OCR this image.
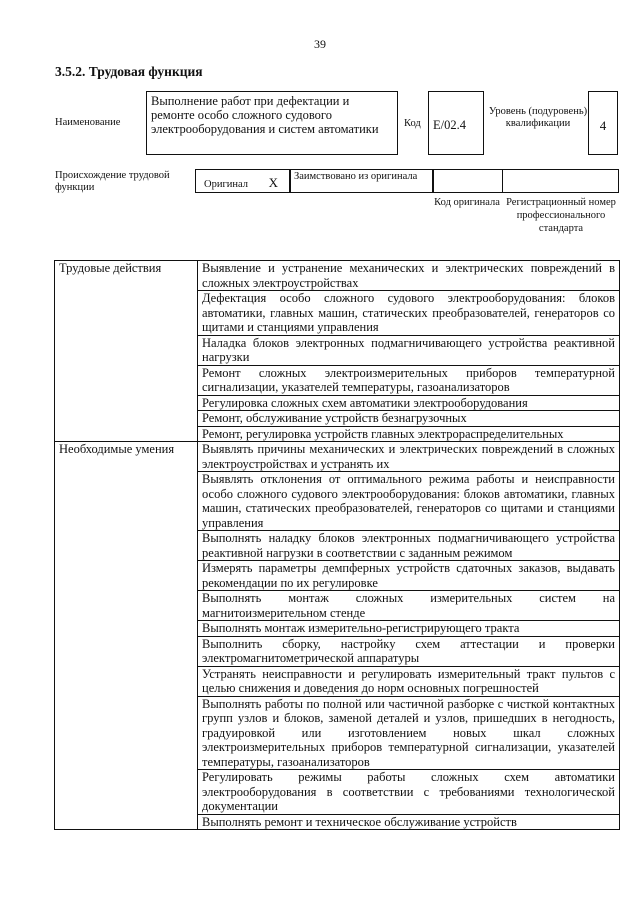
39
3.5.2. Трудовая функция
Наименование
Выполнение работ при дефектации и ремонте особо сложного судового электрооборудования и систем автоматики	Код E/02.4
Уровень (подуровень) квалификации	4
Происхождение трудовой функции	Оригинал X	Заимствовано из оригинала
Код оригинала Регистрационный номер профессионального стандарта
Трудовые действия	Выявление и устранение механических и электрических повреждений в сложных электроустройствах
	Дефектация особо сложного судового электрооборудования: блоков автоматики, главных машин, статических преобразователей, генераторов со щитами и станциями управления
	Наладка блоков электронных подмагничивающего устройства реактивной нагрузки
	Ремонт сложных электроизмерительных приборов температурной сигнализации, указателей температуры, газоанализаторов
	Регулировка сложных схем автоматики электрооборудования
	Ремонт, обслуживание устройств безнагрузочных
	Ремонт, регулировка устройств главных электрораспределительных
Необходимые умения	Выявлять причины механических и электрических повреждений в сложных электроустройствах и устранять их
	Выявлять отклонения от оптимального режима работы и неисправности особо сложного судового электрооборудования: блоков автоматики, главных машин, статических преобразователей, генераторов со щитами и станциями управления
	Выполнять наладку блоков электронных подмагничивающего устройства реактивной нагрузки в соответствии с заданным режимом
	Измерять параметры демпферных устройств сдаточных заказов, выдавать рекомендации по их регулировке
	Выполнять монтаж сложных измерительных систем на магнитоизмерительном стенде
	Выполнять монтаж измерительно-регистрирующего тракта
	Выполнить сборку, настройку схем аттестации и проверки электромагнитометрической аппаратуры
	Устранять неисправности и регулировать измерительный тракт пультов с целью снижения и доведения до норм основных погрешностей
	Выполнять работы по полной или частичной разборке с чисткой контактных групп узлов и блоков, заменой деталей и узлов, пришедших в негодность, градуировкой или изготовлением новых шкал сложных электроизмерительных приборов температурной сигнализации, указателей температуры, газоанализаторов
	Регулировать режимы работы сложных схем автоматики электрооборудования в соответствии с требованиями технологической документации
	Выполнять ремонт и техническое обслуживание устройств
